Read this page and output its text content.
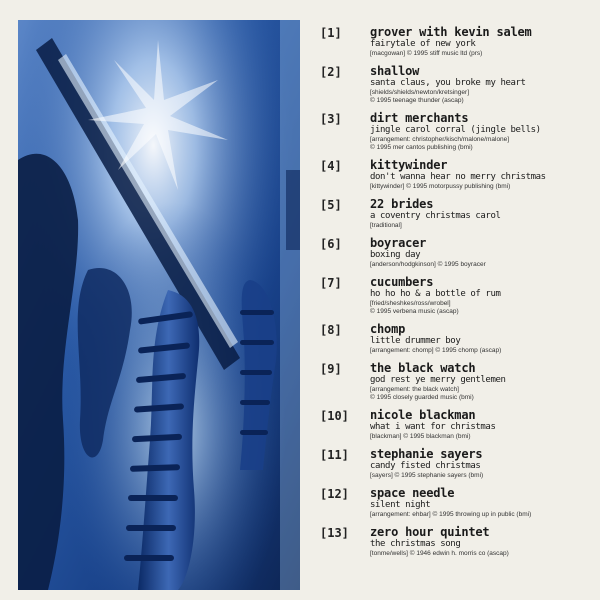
[1] grover with kevin salem
fairytale of new york
[macgowan] © 1995 stiff music ltd (prs)
[2] shallow
santa claus, you broke my heart
[shields/shields/newton/kretsinger]
© 1995 teenage thunder (ascap)
[3] dirt merchants
jingle carol corral (jingle bells)
[arrangement: christopher/kisch/malone/malone]
© 1995 mer cantos publishing (bmi)
[4] kittywinder
don't wanna hear no merry christmas
[kittywinder] © 1995 motorpussy publishing (bmi)
[5] 22 brides
a coventry christmas carol
[traditional]
[6] boyracer
boxing day
[anderson/hodgkinson] © 1995 boyracer
[7] cucumbers
ho ho ho & a bottle of rum
[fried/sheshkes/ross/wrobel]
© 1995 verbena music (ascap)
[8] chomp
little drummer boy
[arrangement: chomp] © 1995 chomp (ascap)
[9] the black watch
god rest ye merry gentlemen
[arrangement: the black watch]
© 1995 closely guarded music (bmi)
[10] nicole blackman
what i want for christmas
[blackman] © 1995 blackman (bmi)
[11] stephanie sayers
candy fisted christmas
[sayers] © 1995 stephanie sayers (bmi)
[12] space needle
silent night
[arrangement: ehbar] © 1995 throwing up in public (bmi)
[13] zero hour quintet
the christmas song
[tonme/wells] © 1946 edwin h. morris co (ascap)
